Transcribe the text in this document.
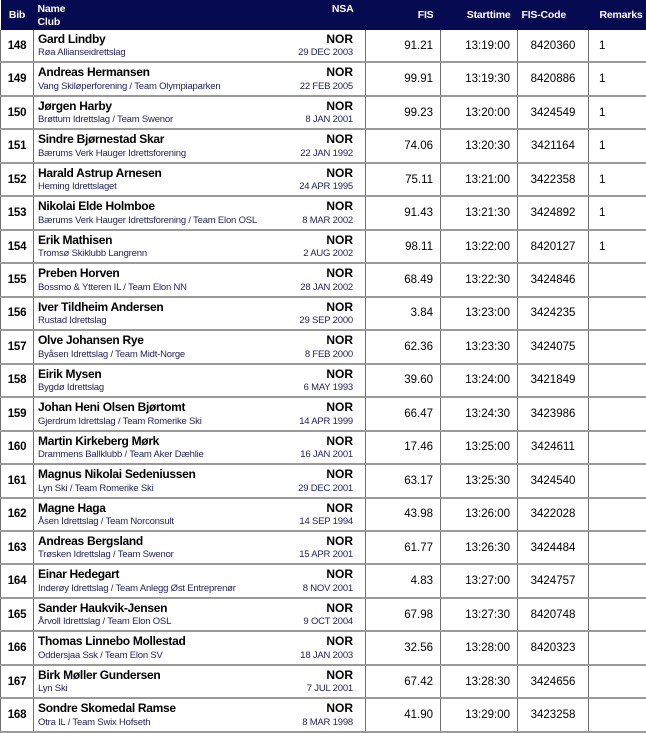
Bib	Name
Club
NSA	FIS	Starttime	FIS-Code	Remarks
148	Gard Lindby
Røa Allianseidrettslag
NOR
29 DEC 2003	91.21	13:19:00	8420360	1
149	Andreas Hermansen
Vang Skiløperforening / Team Olympiaparken
NOR
22 FEB 2005	99.91	13:19:30	8420886	1
150	Jørgen Harby
Brøttum Idrettslag / Team Swenor
NOR
8 JAN 2001	99.23	13:20:00	3424549	1
151	Sindre Bjørnestad Skar
Bærums Verk Hauger Idrettsforening
NOR
22 JAN 1992	74.06	13:20:30	3421164	1
152	Harald Astrup Arnesen
Heming Idrettslaget
NOR
24 APR 1995	75.11	13:21:00	3422358	1
153	Nikolai Elde Holmboe
Bærums Verk Hauger Idrettsforening / Team Elon OSL
NOR
8 MAR 2002	91.43	13:21:30	3424892	1
154	Erik Mathisen
Tromsø Skiklubb Langrenn
NOR
2 AUG 2002	98.11	13:22:00	8420127	1
155	Preben Horven
Bossmo & Ytteren IL / Team Elon NN
NOR
28 JAN 2002	68.49	13:22:30	3424846	
156	Iver Tildheim Andersen
Rustad Idrettslag
NOR
29 SEP 2000	3.84	13:23:00	3424235	
157	Olve Johansen Rye
Byåsen Idrettslag / Team Midt-Norge
NOR
8 FEB 2000	62.36	13:23:30	3424075	
158	Eirik Mysen
Bygdø Idrettslag
NOR
6 MAY 1993	39.60	13:24:00	3421849	
159	Johan Heni Olsen Bjørtomt
Gjerdrum Idrettslag / Team Romerike Ski
NOR
14 APR 1999	66.47	13:24:30	3423986	
160	Martin Kirkeberg Mørk
Drammens Ballklubb / Team Aker Dæhlie
NOR
16 JAN 2001	17.46	13:25:00	3424611	
161	Magnus Nikolai Sedeniussen
Lyn Ski / Team Romerike Ski
NOR
29 DEC 2001	63.17	13:25:30	3424540	
162	Magne Haga
Åsen Idrettslag / Team Norconsult
NOR
14 SEP 1994	43.98	13:26:00	3422028	
163	Andreas Bergsland
Trøsken Idrettslag / Team Swenor
NOR
15 APR 2001	61.77	13:26:30	3424484	
164	Einar Hedegart
Inderøy Idrettslag / Team Anlegg Øst Entreprenør
NOR
8 NOV 2001	4.83	13:27:00	3424757	
165	Sander Haukvik-Jensen
Årvoll Idrettslag / Team Elon OSL
NOR
9 OCT 2004	67.98	13:27:30	8420748	
166	Thomas Linnebo Mollestad
Oddersjaa Ssk / Team Elon SV
NOR
18 JAN 2003	32.56	13:28:00	8420323	
167	Birk Møller Gundersen
Lyn Ski
NOR
7 JUL 2001	67.42	13:28:30	3424656	
168	Sondre Skomedal Ramse
Otra IL / Team Swix Hofseth
NOR
8 MAR 1998	41.90	13:29:00	3423258	
